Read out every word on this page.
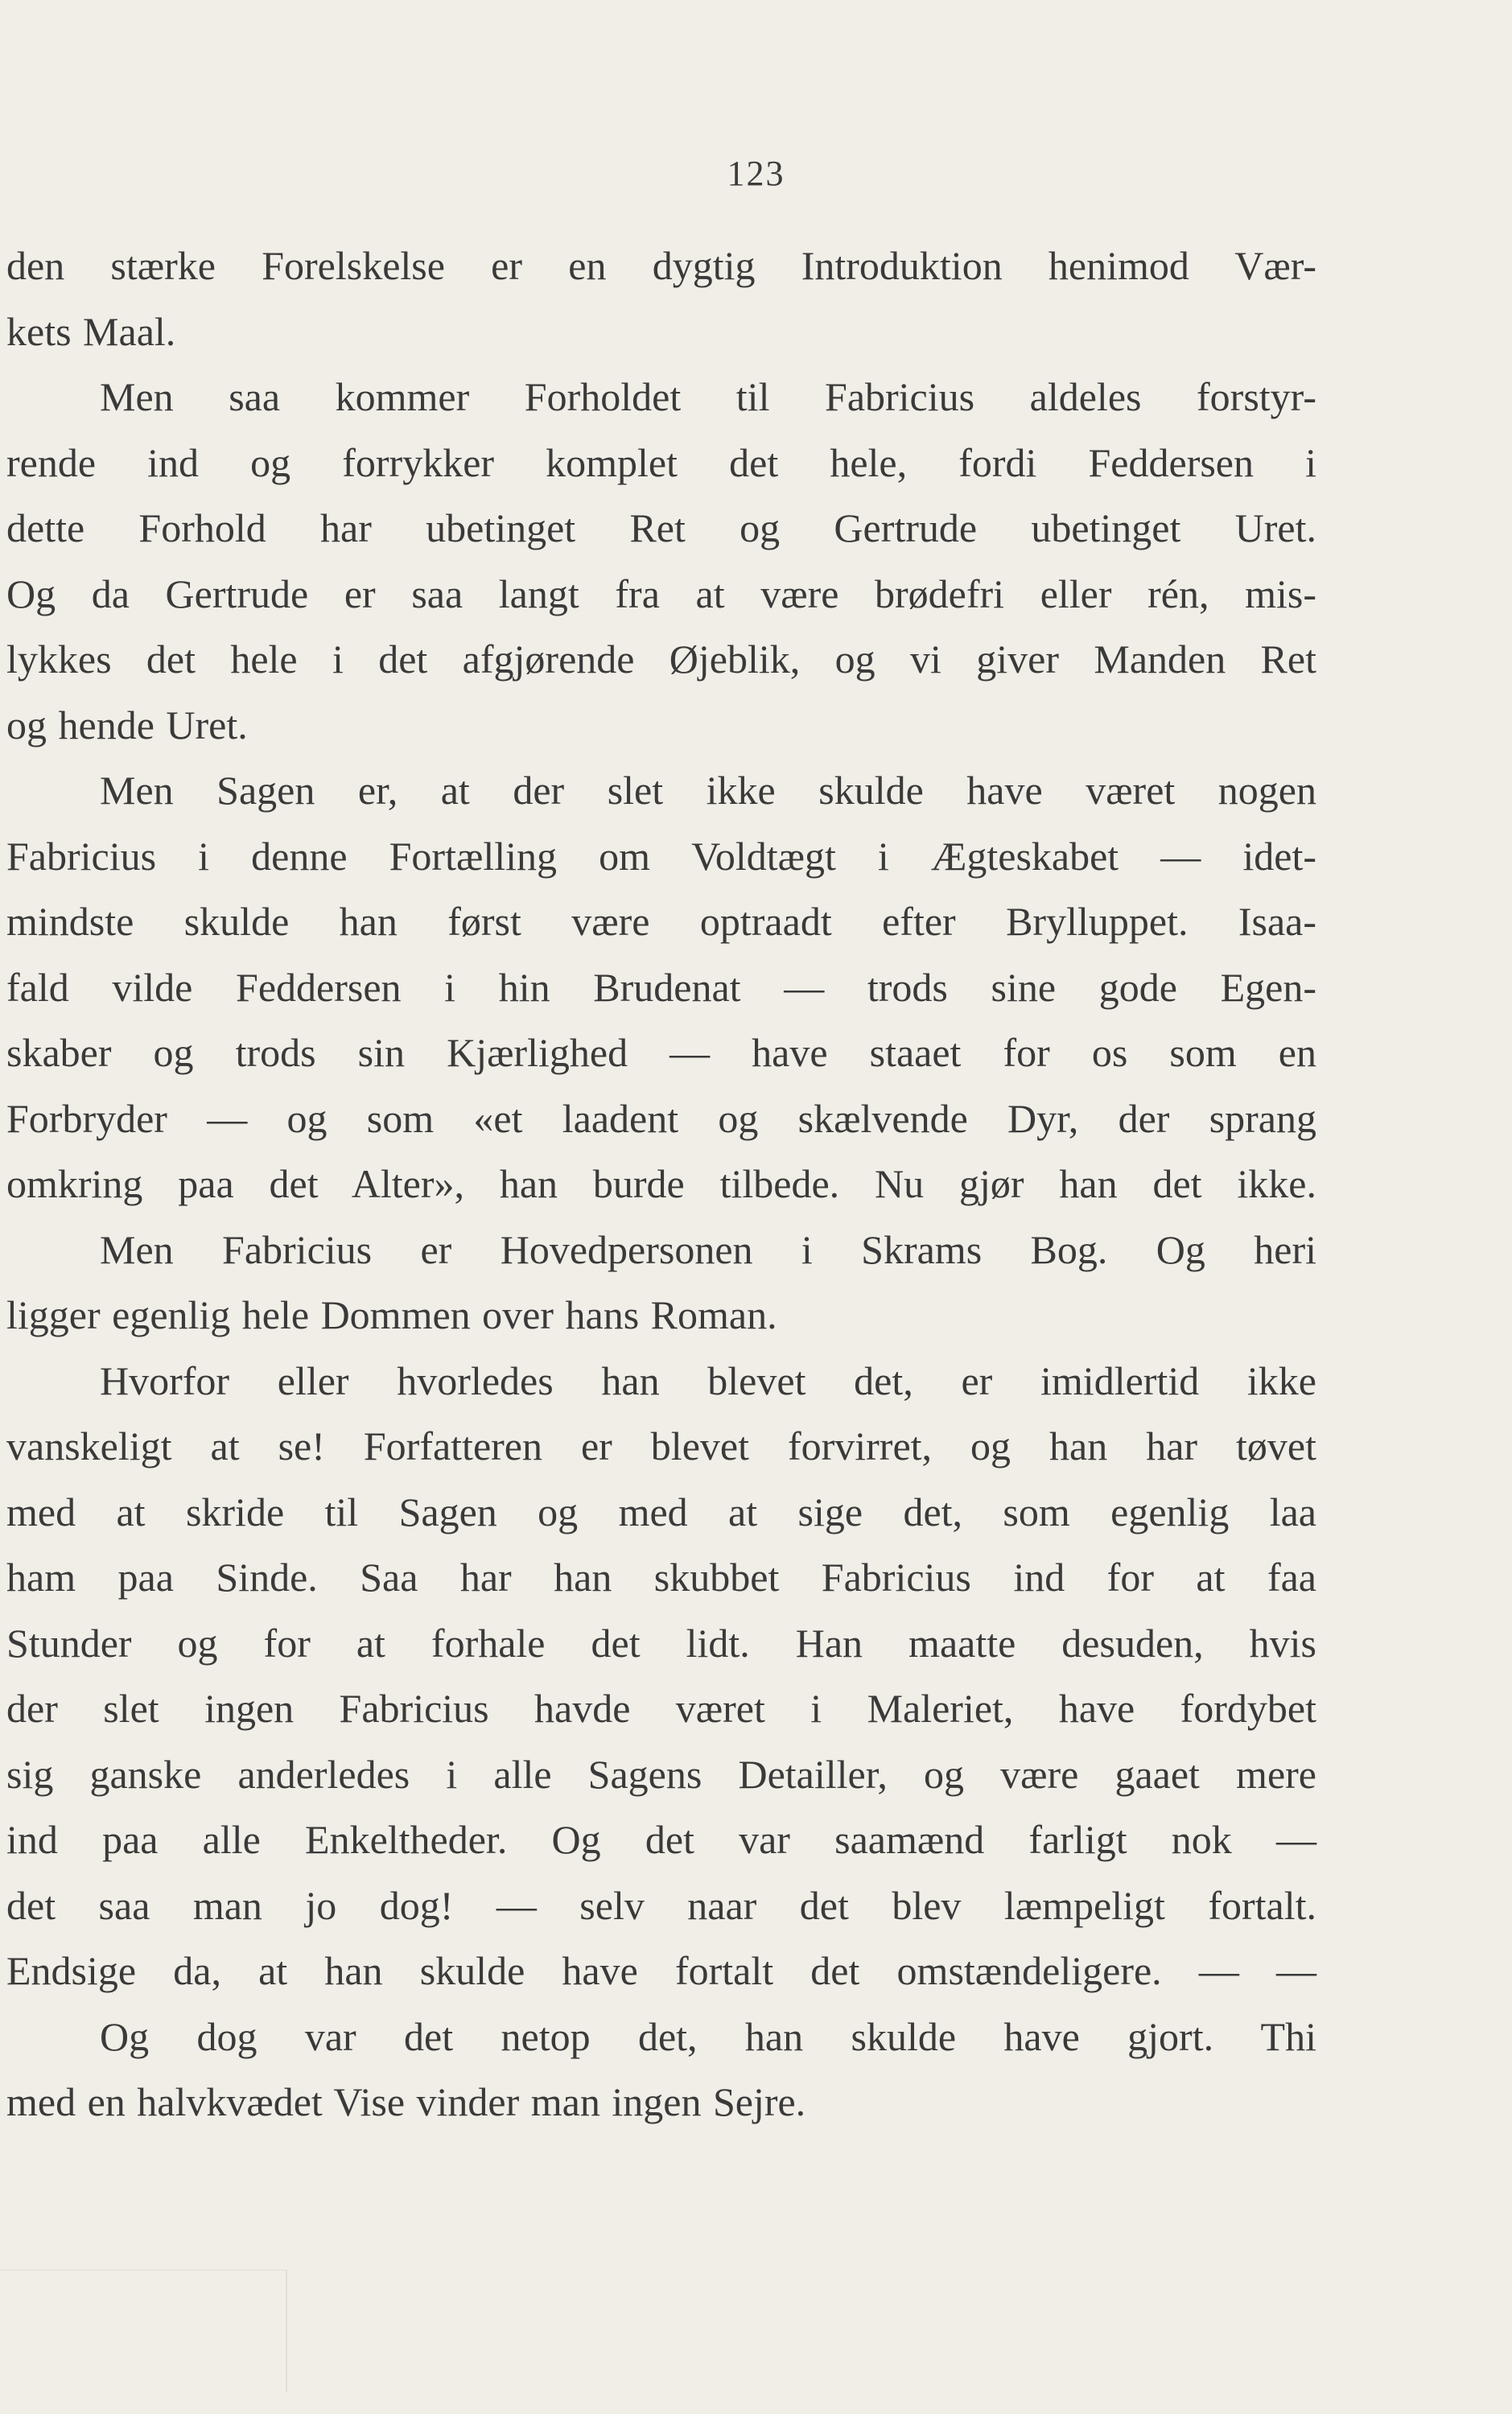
123
den stærke Forelskelse er en dygtig Introduktion henimod Vær-
kets Maal.
Men saa kommer Forholdet til Fabricius aldeles forstyr-
rende ind og forrykker komplet det hele, fordi Feddersen i
dette Forhold har ubetinget Ret og Gertrude ubetinget Uret.
Og da Gertrude er saa langt fra at være brødefri eller rén, mis-
lykkes det hele i det afgjørende Øjeblik, og vi giver Manden Ret
og hende Uret.
Men Sagen er, at der slet ikke skulde have været nogen
Fabricius i denne Fortælling om Voldtægt i Ægteskabet — idet-
mindste skulde han først være optraadt efter Brylluppet. Isaa-
fald vilde Feddersen i hin Brudenat — trods sine gode Egen-
skaber og trods sin Kjærlighed — have staaet for os som en
Forbryder — og som «et laadent og skælvende Dyr, der sprang
omkring paa det Alter», han burde tilbede. Nu gjør han det ikke.
Men Fabricius er Hovedpersonen i Skrams Bog. Og heri
ligger egenlig hele Dommen over hans Roman.
Hvorfor eller hvorledes han blevet det, er imidlertid ikke
vanskeligt at se! Forfatteren er blevet forvirret, og han har tøvet
med at skride til Sagen og med at sige det, som egenlig laa
ham paa Sinde. Saa har han skubbet Fabricius ind for at faa
Stunder og for at forhale det lidt. Han maatte desuden, hvis
der slet ingen Fabricius havde været i Maleriet, have fordybet
sig ganske anderledes i alle Sagens Detailler, og være gaaet mere
ind paa alle Enkeltheder. Og det var saamænd farligt nok —
det saa man jo dog! — selv naar det blev læmpeligt fortalt.
Endsige da, at han skulde have fortalt det omstændeligere. — —
Og dog var det netop det, han skulde have gjort. Thi
med en halvkvædet Vise vinder man ingen Sejre.
